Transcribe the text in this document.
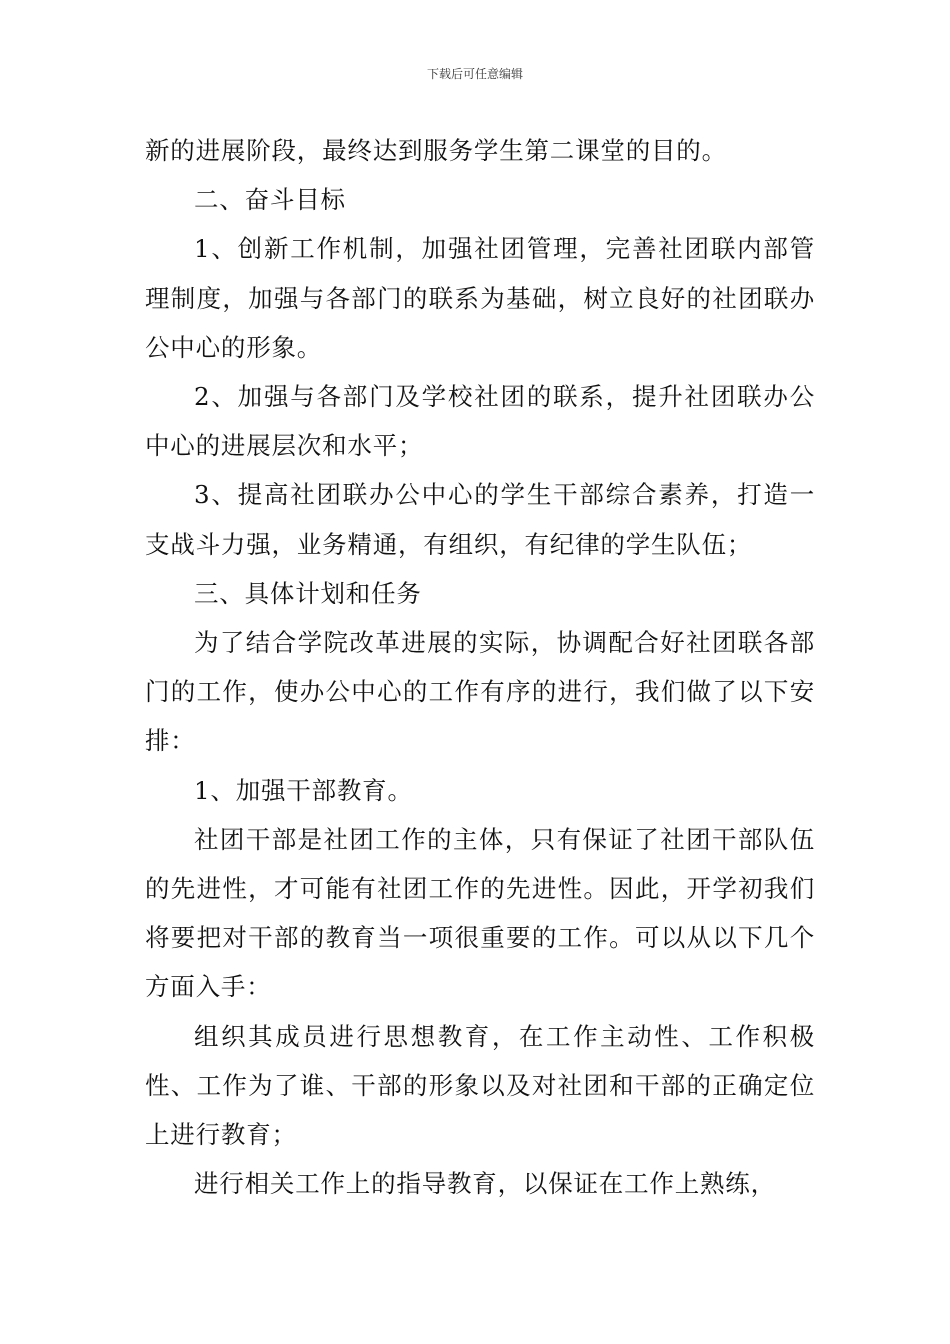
下载后可任意编辑

新的进展阶段，最终达到服务学生第二课堂的目的。

二、奋斗目标

1、创新工作机制，加强社团管理，完善社团联内部管理制度，加强与各部门的联系为基础，树立良好的社团联办公中心的形象。

2、加强与各部门及学校社团的联系，提升社团联办公中心的进展层次和水平；

3、提高社团联办公中心的学生干部综合素养，打造一支战斗力强，业务精通，有组织，有纪律的学生队伍；

三、具体计划和任务

为了结合学院改革进展的实际，协调配合好社团联各部门的工作，使办公中心的工作有序的进行，我们做了以下安排：

1、加强干部教育。

社团干部是社团工作的主体，只有保证了社团干部队伍的先进性，才可能有社团工作的先进性。因此，开学初我们将要把对干部的教育当一项很重要的工作。可以从以下几个方面入手：

组织其成员进行思想教育，在工作主动性、工作积极性、工作为了谁、干部的形象以及对社团和干部的正确定位上进行教育；

进行相关工作上的指导教育，以保证在工作上熟练，
